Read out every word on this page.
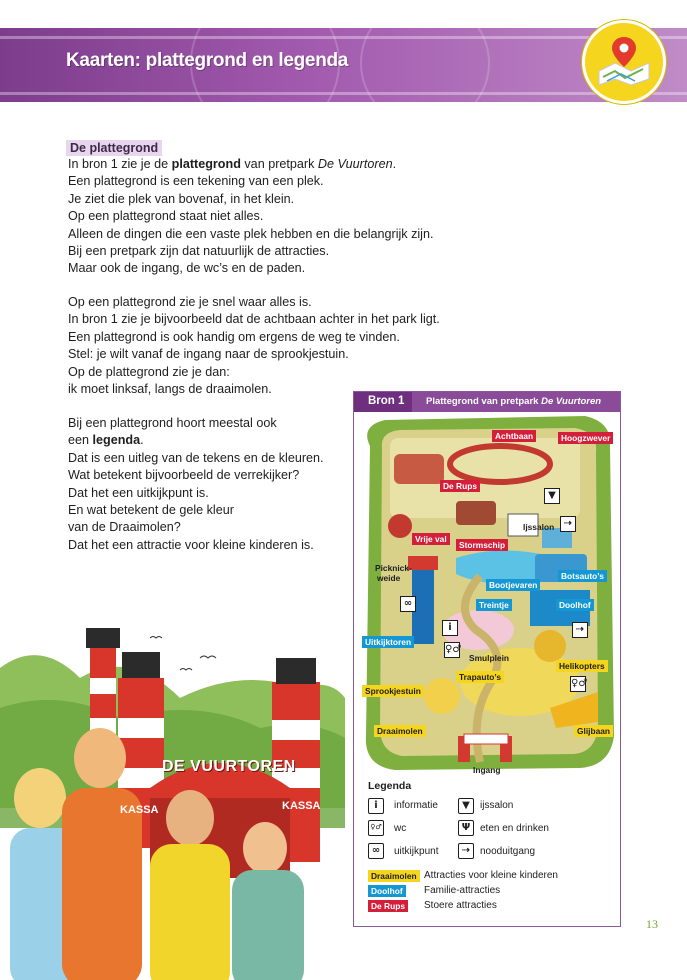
Kaarten: plattegrond en legenda
De plattegrond
In bron 1 zie je de plattegrond van pretpark De Vuurtoren.
Een plattegrond is een tekening van een plek.
Je ziet die plek van bovenaf, in het klein.
Op een plattegrond staat niet alles.
Alleen de dingen die een vaste plek hebben en die belangrijk zijn.
Bij een pretpark zijn dat natuurlijk de attracties.
Maar ook de ingang, de wc’s en de paden.
Op een plattegrond zie je snel waar alles is.
In bron 1 zie je bijvoorbeeld dat de achtbaan achter in het park ligt.
Een plattegrond is ook handig om ergens de weg te vinden.
Stel: je wilt vanaf de ingang naar de sprookjestuin.
Op de plattegrond zie je dan:
ik moet linksaf, langs de draaimolen.
Bij een plattegrond hoort meestal ook
een legenda.
Dat is een uitleg van de tekens en de kleuren.
Wat betekent bijvoorbeeld de verrekijker?
Dat het een uitkijkpunt is.
En wat betekent de gele kleur
van de Draaimolen?
Dat het een attractie voor kleine kinderen is.
Bron 1	Plattegrond van pretpark De Vuurtoren
Achtbaan	Hoogzwever
De Rups
Vrije val
Stormschip
Ijssalon
Picknick-
weide	Botsauto’s
Bootjevaren
Treintje	Doolhof
Uitkijktoren
Smulplein
Helikopters
Trapauto’s
Sprookjestuin
Draaimolen	Glijbaan
Ingang
▼
⇢
∞
i	⇢
♀♂
♀♂
Legenda
i	informatie	▼	ijssalon
♀♂ wc	Ψ eten en drinken
∞	uitkijkpunt	⇢ nooduitgang
Draaimolen Attracties voor kleine kinderen
Doolhof	Familie-attracties
De Rups	Stoere attracties
DE VUURTOREN
KASSA	KASSA
13
